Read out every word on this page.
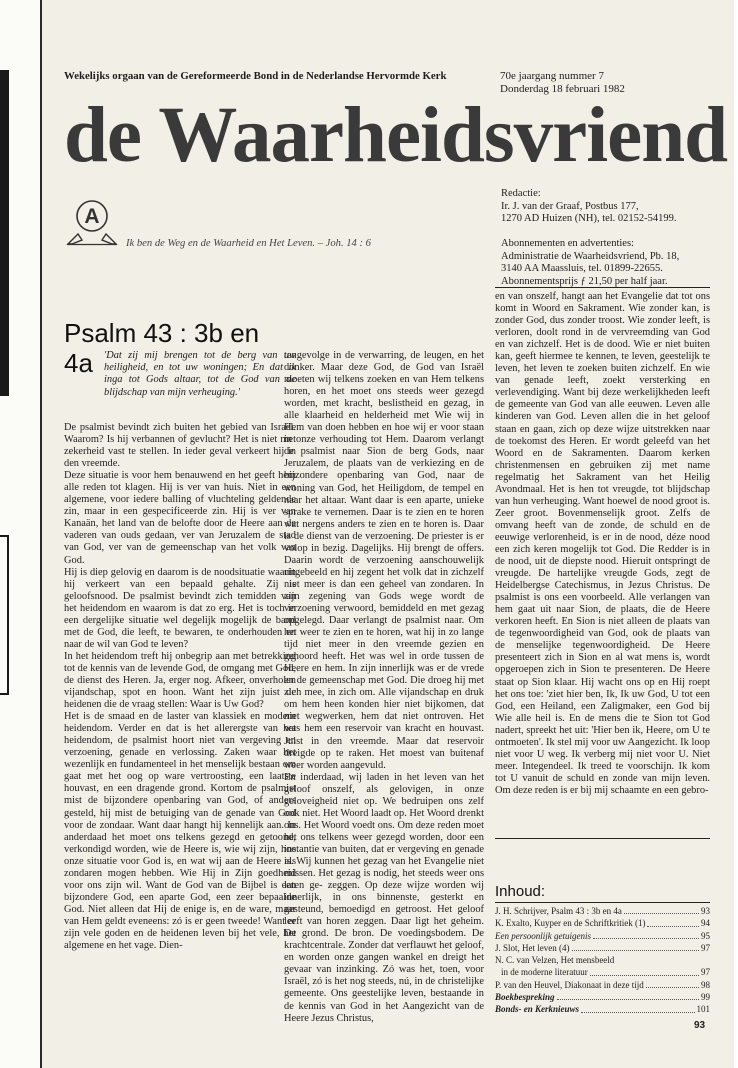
Wekelijks orgaan van de Gereformeerde Bond in de Nederlandse Hervormde Kerk	70e jaargang nummer 7
Donderdag 18 februari 1982
de Waarheidsvriend
A
Ik ben de Weg en de Waarheid en Het Leven. – Joh. 14 : 6
Redactie:
Ir. J. van der Graaf, Postbus 177,
1270 AD Huizen (NH), tel. 02152-54199.
Abonnementen en advertenties:
Administratie de Waarheidsvriend, Pb. 18,
3140 AA Maassluis, tel. 01899-22655.
Abonnementsprijs ƒ 21,50 per half jaar.
Psalm 43 : 3b en 4a	'Dat zij mij brengen tot de berg van uw heiligheid, en tot uw woningen; En dat ik inga tot Gods altaar, tot de God van de blijdschap van mijn verheuging.'

De psalmist bevindt zich buiten het gebied van Israël. Waarom? Is hij verbannen of gevlucht? Het is niet met zekerheid vast te stellen. In ieder geval verkeert hij in den vreemde.

Deze situatie is voor hem benauwend en het geeft hem alle reden tot klagen. Hij is ver van huis. Niet in een algemene, voor iedere balling of vluchteling geldende zin, maar in een gespecificeerde zin. Hij is ver van Kanaän, het land van de belofte door de Heere aan de vaderen van ouds gedaan, ver van Jeruzalem de stad van God, ver van de gemeenschap van het volk van God.

Hij is diep gelovig en daarom is de noodsituatie waarin hij verkeert van een bepaald gehalte. Zij is geloofsnood. De psalmist bevindt zich temidden van het heidendom en waarom is dat zo erg. Het is toch in een dergelijke situatie wel degelijk mogelijk de band met de God, die leeft, te bewaren, te onderhouden en naar de wil van God te leven?

In het heidendom treft hij onbegrip aan met betrekking tot de kennis van de levende God, de omgang met God, de dienst des Heren. Ja, erger nog. Afkeer, onverholen vijandschap, spot en hoon. Want het zijn juist de heidenen die de vraag stellen: Waar is Uw God?

Het is de smaad en de laster van klassiek en modern heidendom. Verder en dat is het allerergste van het heidendom, de psalmist hoort niet van vergeving en verzoening, genade en verlossing. Zaken waar het wezenlijk en fundamenteel in het menselijk bestaan om gaat met het oog op ware vertroosting, een laatste houvast, en een dragende grond. Kortom de psalmist mist de bijzondere openbaring van God, of anders gesteld, hij mist de betuiging van de genade van God voor de zondaar. Want daar hangt hij kennelijk aan. In anderdaad het moet ons telkens gezegd en getoond, verkondigd worden, wie de Heere is, wie wij zijn, hoe onze situatie voor God is, en wat wij aan de Heere als zondaren mogen hebben. Wie Hij in Zijn goedheid voor ons zijn wil. Want de God van de Bijbel is een bijzondere God, een aparte God, een zeer bepaalde God. Niet alleen dat Hij de enige is, en de ware, maar van Hem geldt eveneens: zó is er geen tweede! Want er zijn vele goden en de heidenen leven bij het vele, het algemene en het vage. Dien-

tengevolge in de verwarring, de leugen, en het donker. Maar deze God, de God van Israël moeten wij telkens zoeken en van Hem telkens horen, en het moet ons steeds weer gezegd worden, met kracht, beslistheid en gezag, in alle klaarheid en helderheid met Wie wij in Hem van doen hebben en hoe wij er voor staan in onze verhouding tot Hem. Daarom verlangt de psalmist naar Sion de berg Gods, naar Jeruzalem, de plaats van de verkiezing en de bijzondere openbaring van God, naar de woning van God, het Heiligdom, de tempel en naar het altaar. Want daar is een aparte, unieke sprake te vernemen. Daar is te zien en te horen wat nergens anders te zien en te horen is. Daar is de dienst van de verzoening. De priester is er volop in bezig. Dagelijks. Hij brengt de offers. Daarin wordt de verzoening aanschouwelijk uitgebeeld en hij zegent het volk dat in zichzelf niet meer is dan een geheel van zondaren. In zijn zegening van Gods wege wordt de verzoening verwoord, bemiddeld en met gezag opgelegd. Daar verlangt de psalmist naar. Om het weer te zien en te horen, wat hij in zo lange tijd niet meer in den vreemde gezien en gehoord heeft. Het was wel in orde tussen de Heere en hem. In zijn innerlijk was er de vrede en de gemeenschap met God. Die droeg hij met zich mee, in zich om. Alle vijandschap en druk om hem heen konden hier niet bijkomen, dat niet wegwerken, hem dat niet ontroven. Het was hem een reservoir van kracht en houvast. Juist in den vreemde. Maar dat reservoir dreigde op te raken. Het moest van buitenaf weer worden aangevuld.

En inderdaad, wij laden in het leven van het geloof onszelf, als gelovigen, in onze geloveigheid niet op. We bedruipen ons zelf ook niet. Het Woord laadt op. Het Woord drenkt ons. Het Woord voedt ons. Om deze reden moet het ons telkens weer gezegd worden, door een instantie van buiten, dat er vergeving en genade is. Wij kunnen het gezag van het Evangelie niet missen. Het gezag is nodig, het steeds weer ons laten ge- zeggen. Op deze wijze worden wij innerlijk, in ons binnenste, gesterkt en gesteund, bemoedigd en getroost. Het geloof leeft van horen zeggen. Daar ligt het geheim. De grond. De bron. De voedingsbodem. De krachtcentrale. Zonder dat verflauwt het geloof, en worden onze gangen wankel en dreigt het gevaar van inzinking. Zó was het, toen, voor Israël, zó is het nog steeds, nú, in de christelijke gemeente. Ons geestelijke leven, bestaande in de kennis van God in het Aangezicht van de Heere Jezus Christus,

en van onszelf, hangt aan het Evangelie dat tot ons komt in Woord en Sakrament. Wie zonder kan, is zonder God, dus zonder troost. Wie zonder leeft, is verloren, doolt rond in de vervreemding van God en van zichzelf. Het is de dood. Wie er niet buiten kan, geeft hiermee te kennen, te leven, geestelijk te leven, het leven te zoeken buiten zichzelf. En wie van genade leeft, zoekt versterking en verlevendiging. Want bij deze werkelijkheden leeft de gemeente van God van alle eeuwen. Leven alle kinderen van God. Leven allen die in het geloof staan en gaan, zich op deze wijze uitstrekken naar de toekomst des Heren. Er wordt geleefd van het Woord en de Sakramenten. Daarom kerken christenmensen en gebruiken zij met name regelmatig het Sakrament van het Heilig Avondmaal. Het is hen tot vreugde, tot blijdschap van hun verheuging. Want hoewel de nood groot is. Zeer groot. Bovenmenselijk groot. Zelfs de omvang heeft van de zonde, de schuld en de eeuwige verlorenheid, is er in de nood, déze nood een zich keren mogelijk tot God. Die Redder is in de nood, uit de diepste nood. Hieruit ontspringt de vreugde. De hartelijke vreugde Gods, zegt de Heidelbergse Catechismus, in Jezus Christus. De psalmist is ons een voorbeeld. Alle verlangen van hem gaat uit naar Sion, de plaats, die de Heere verkoren heeft. En Sion is niet alleen de plaats van de tegenwoordigheid van God, ook de plaats van de menselijke tegenwoordigheid. De Heere presenteert zich in Sion en al wat mens is, wordt opgeroepen zich in Sion te presenteren. De Heere staat op Sion klaar. Hij wacht ons op en Hij roept het ons toe: 'ziet hier ben, Ik, Ik uw God, U tot een God, een Heiland, een Zaligmaker, een God bij Wie alle heil is. En de mens die te Sion tot God nadert, spreekt het uit: 'Hier ben ik, Heere, om U te ontmoeten'. Ik stel mij voor uw Aangezicht. Ik loop niet voor U weg. Ik verberg mij niet voor U. Niet meer. Integendeel. Ik treed te voorschijn. Ik kom tot U vanuit de schuld en zonde van mijn leven. Om deze reden is er bij mij schaamte en een gebro-

Inhoud:
J. H. Schrijver, Psalm 43 : 3b en 4a	93
K. Exalto, Kuyper en de Schriftkritiek (1)	94
Een persoonlijk getuigenis	95
J. Slot, Het leven (4)	97
N. C. van Velzen, Het mensbeeld
in de moderne literatuur	97
P. van den Heuvel, Diakonaat in deze tijd	98
Boekbespreking	99
Bonds- en Kerknieuws	101
93
